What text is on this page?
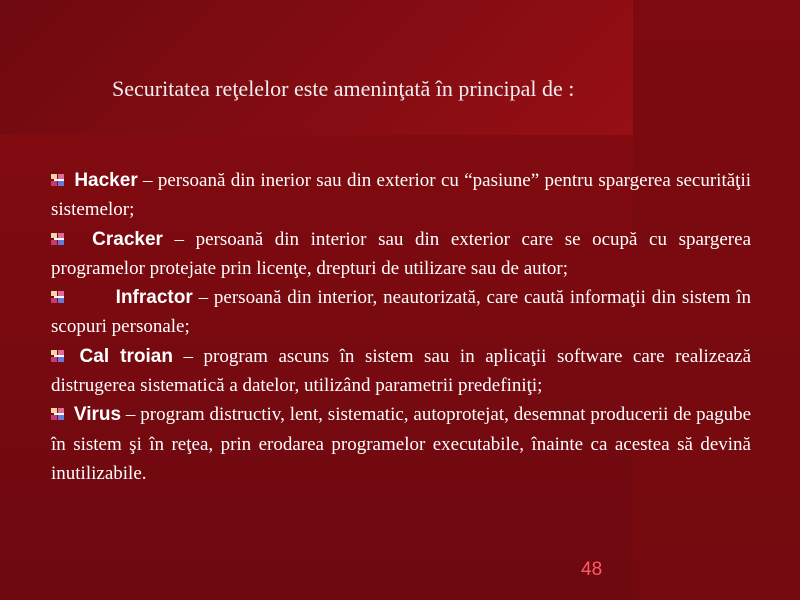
Securitatea reţelelor este ameninţată în principal de :

Hacker – persoană din inerior sau din exterior cu “pasiune” pentru spargerea securităţii sistemelor;

Cracker – persoană din interior sau din exterior care se ocupă cu spargerea programelor protejate prin licenţe, drepturi de utilizare sau de autor;

Infractor – persoană din interior, neautorizată, care caută informaţii din sistem în scopuri personale;

Cal troian – program ascuns în sistem sau in aplicaţii software care realizează distrugerea sistematică a datelor, utilizând parametrii predefiniţi;

Virus – program distructiv, lent, sistematic, autoprotejat, desemnat producerii de pagube în sistem şi în reţea, prin erodarea programelor executabile, înainte ca acestea să devină inutilizabile.

48
